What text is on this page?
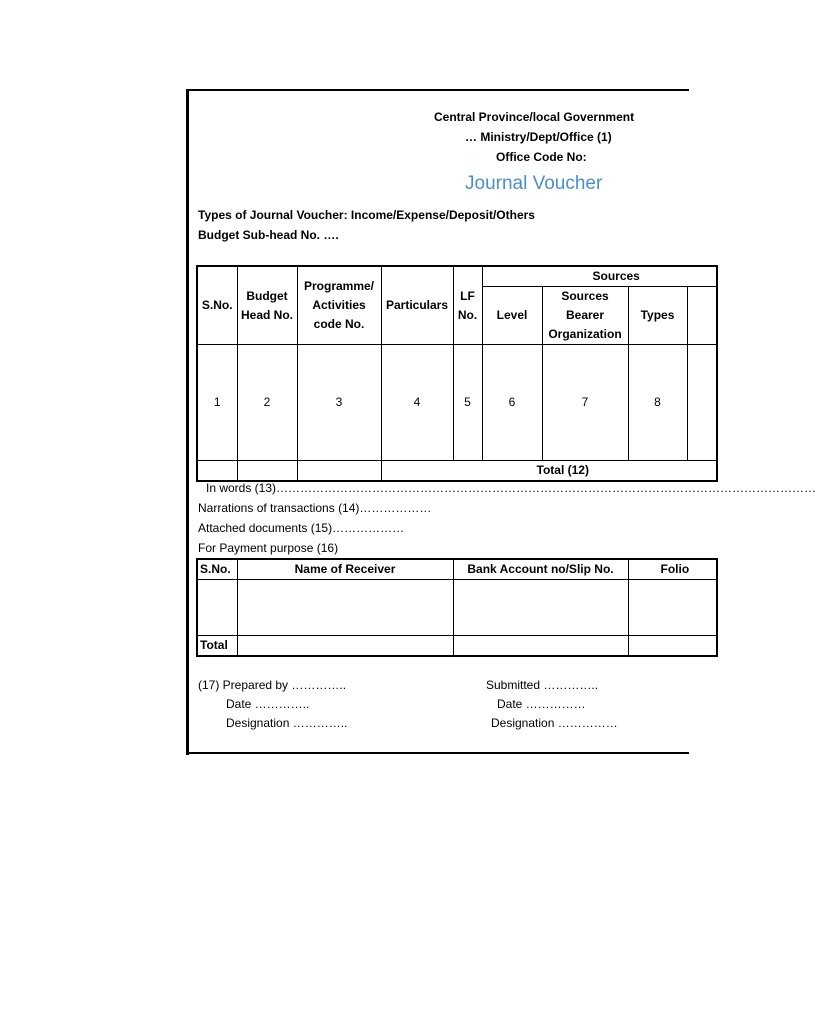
Central Province/local Government
… Ministry/Dept/Office (1)
Office Code No:
Journal Voucher
Types of Journal Voucher: Income/Expense/Deposit/Others
Budget Sub-head No. ….
S.No.	Budget Head No.	Programme/ Activities code No.	Particulars	LF No.	Sources			
					Level	Sources Bearer Organization	Types	
1	2	3	4	5	6	7	8	
			Total (12)					
In words (13)………………………………………………………………………………………………………………………
Narrations of transactions (14)………………
Attached documents (15)………………
For Payment purpose (16)
S.No.	Name of Receiver	Bank Account no/Slip No.	Folio

Total			
(17) Prepared by …………..
Date …………..
Designation …………..
Submitted …………..
Date ……………
Designation ……………
